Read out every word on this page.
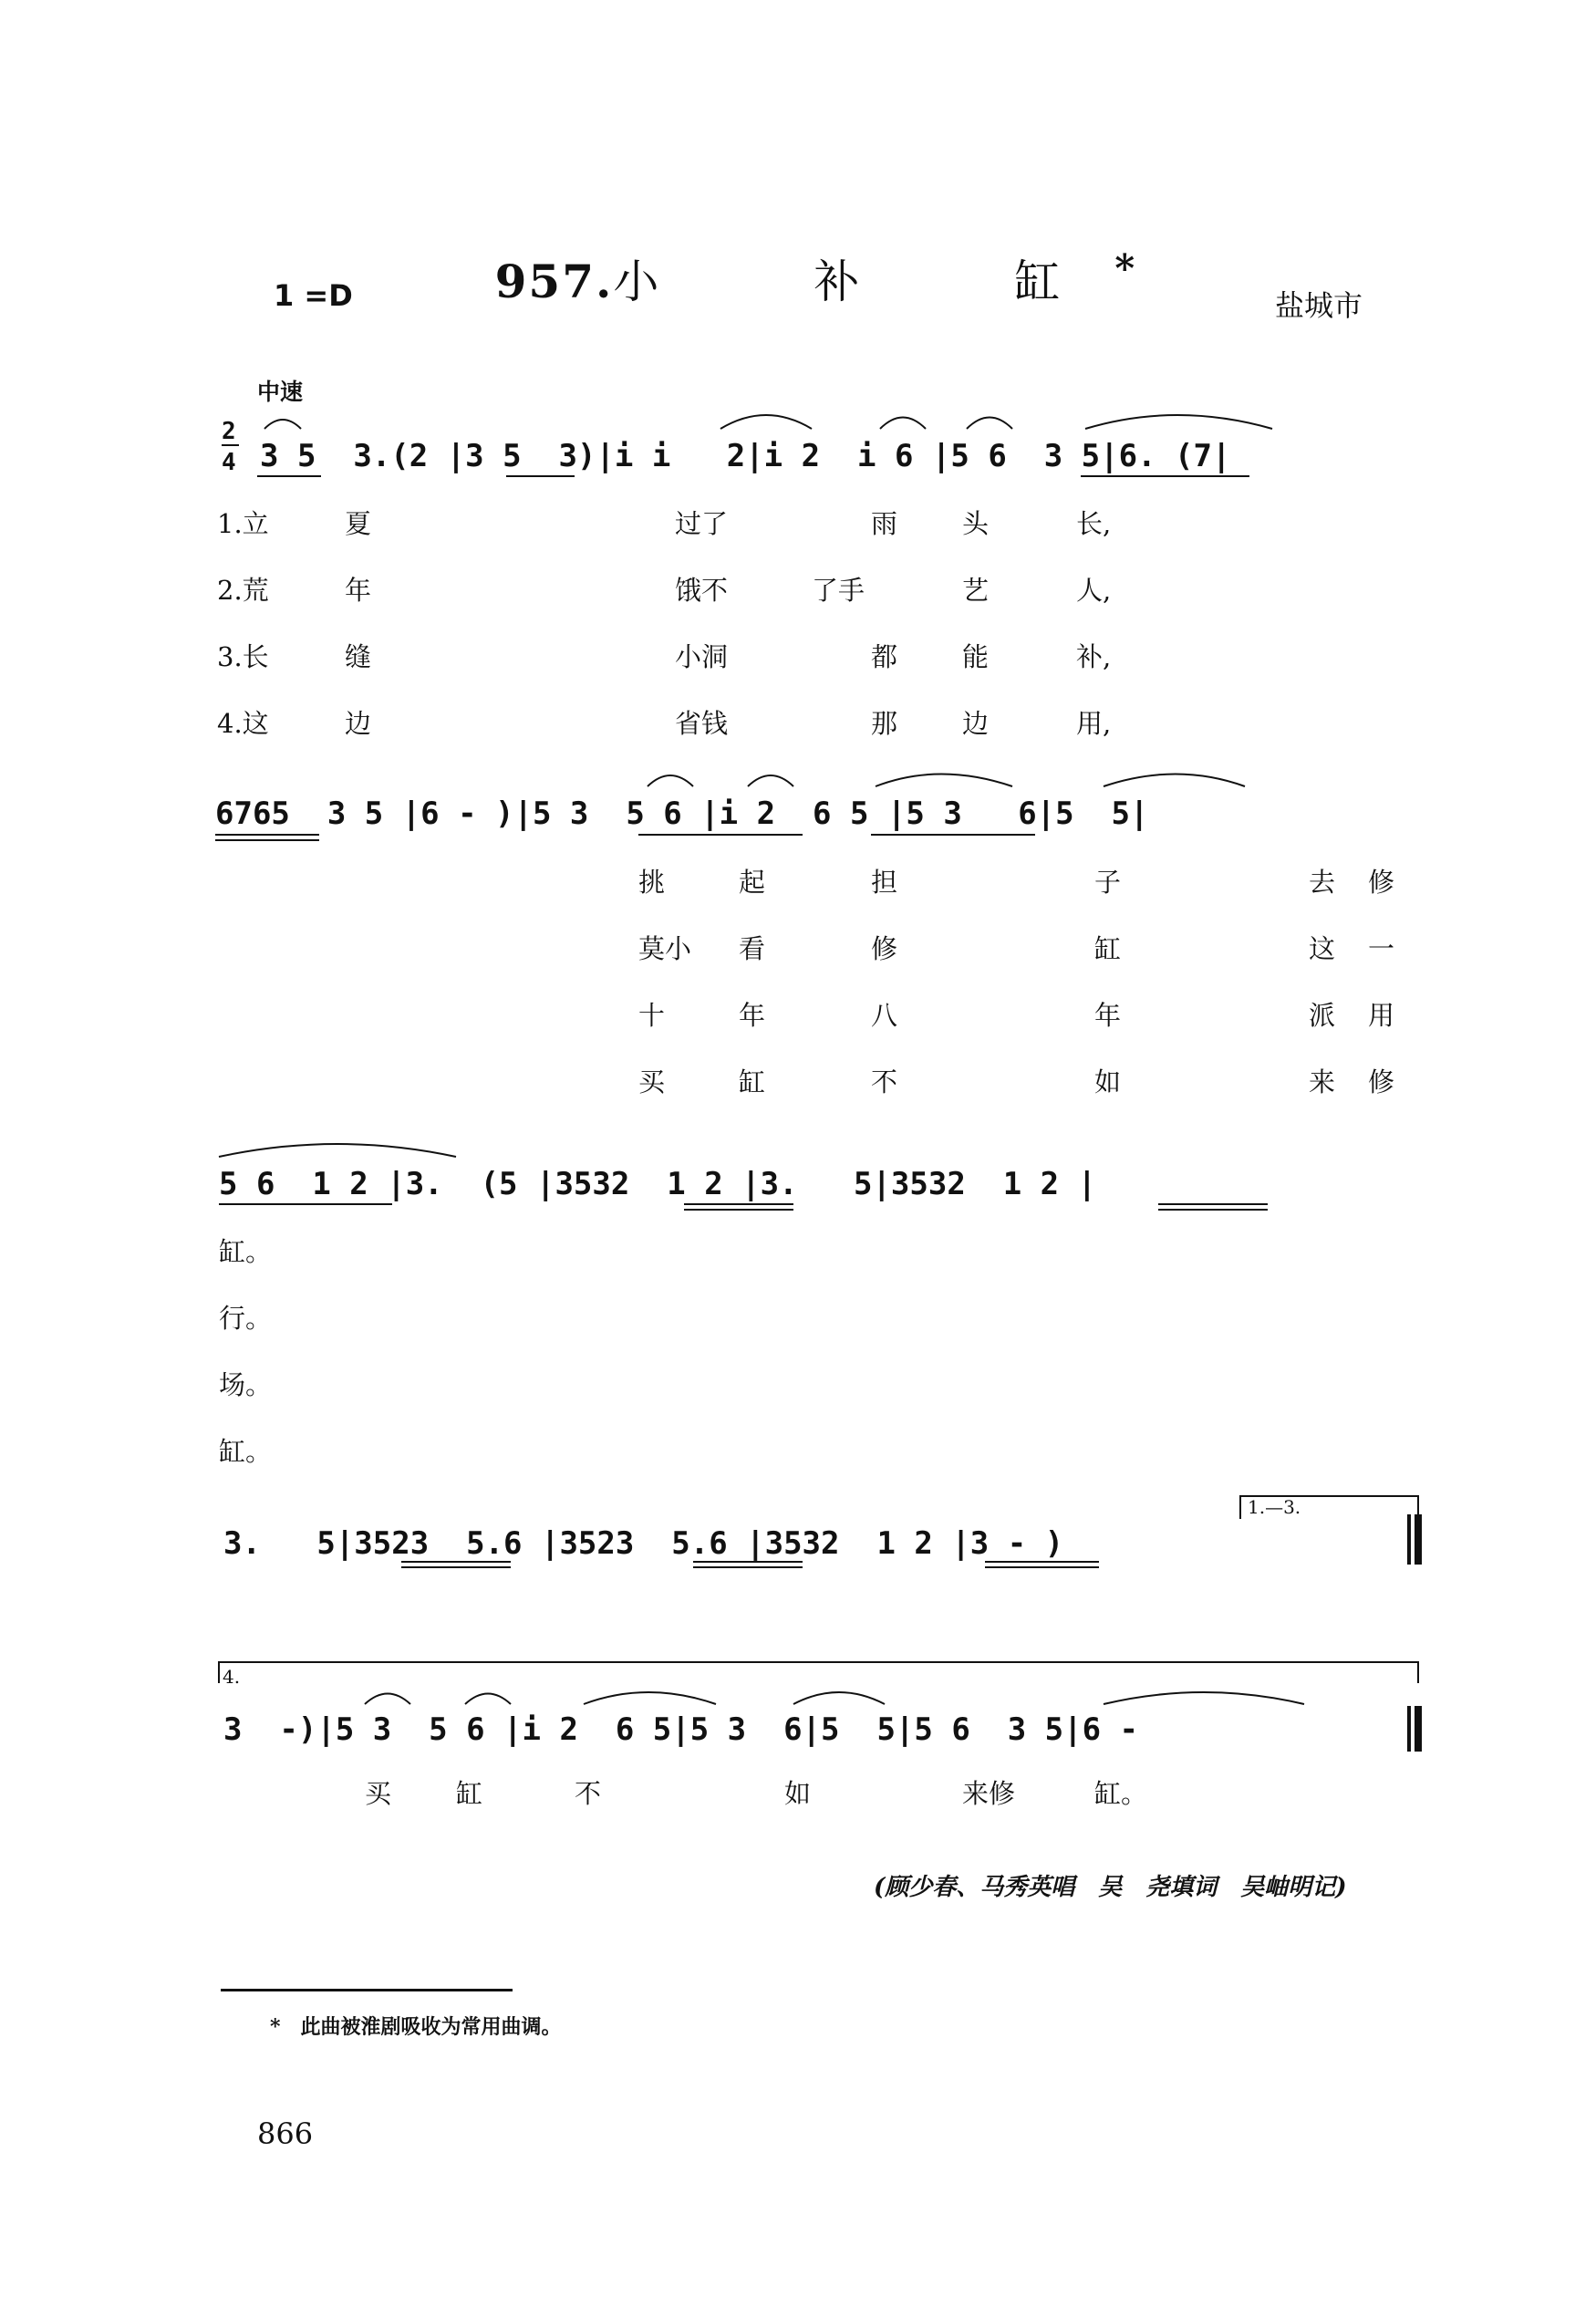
957.小　补　缸*

1 =D	盐城市
中速
2
4 3 5  3.(2 |3 5  3)|i i   2|i 2  i 6 |5 6  3 5|6. (7|
1.立	夏	过了	雨 头	长,
2.荒	年	饿不	了手	艺	人,
3.长	缝	小洞	都 能	补,
4.这	边	省钱	那 边	用,
6765  3 5 |6 - )|5 3  5 6 |i 2  6 5 |5 3   6|5  5|
挑	起	担	子	去 修
莫小 看	修	缸	这 一
十	年	八	年	派 用
买	缸	不	如	来 修
5 6  1 2 |3.  (5 |3532  1 2 |3.   5|3532  1 2 |
缸。
行。
场。
缸。
1.—3.
3.   5|3523  5.6 |3523  5.6 |3532  1 2 |3 - )
4.
3  -)|5 3  5 6 |i 2  6 5|5 3  6|5  5|5 6  3 5|6 -
买 缸	不	如	来修	缸。
(顾少春、马秀英唱　吴　尧填词　吴岫明记)
*　此曲被淮剧吸收为常用曲调。
866
